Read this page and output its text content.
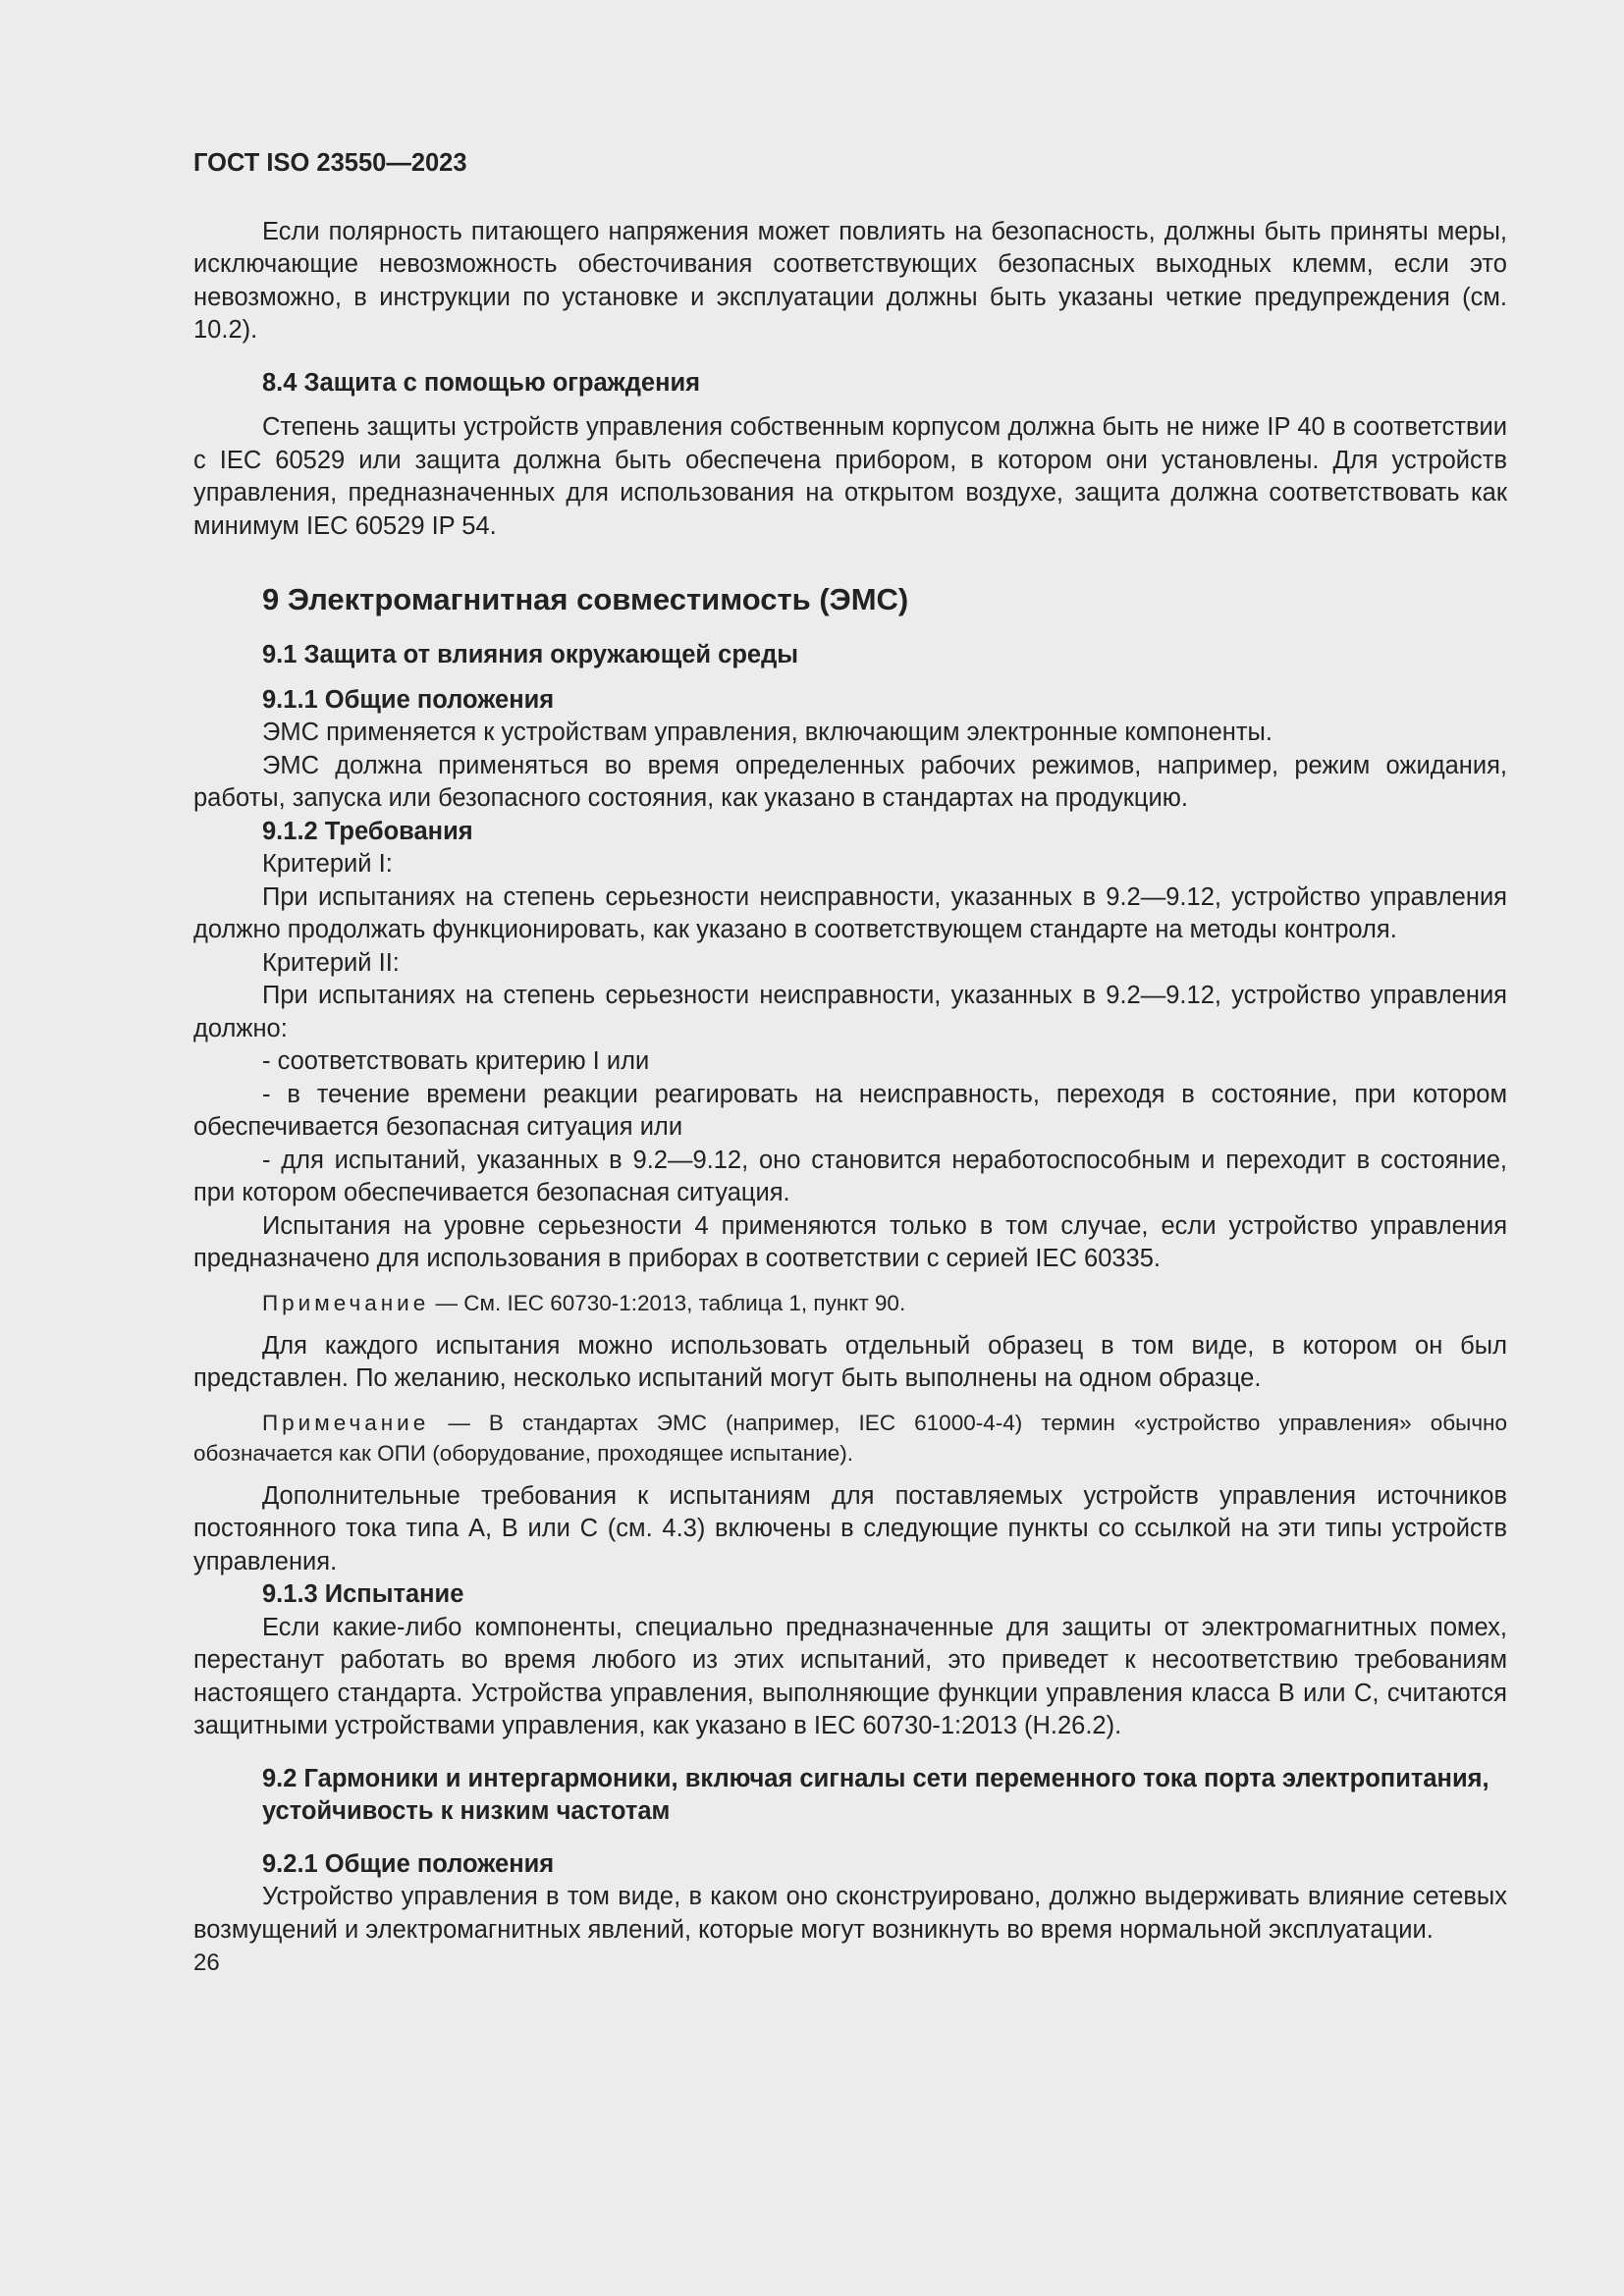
ГОСТ ISO 23550—2023

Если полярность питающего напряжения может повлиять на безопасность, должны быть приняты меры, исключающие невозможность обесточивания соответствующих безопасных выходных клемм, если это невозможно, в инструкции по установке и эксплуатации должны быть указаны четкие предупреждения (см. 10.2).

8.4 Защита с помощью ограждения

Степень защиты устройств управления собственным корпусом должна быть не ниже IP 40 в соответствии с IEC 60529 или защита должна быть обеспечена прибором, в котором они установлены. Для устройств управления, предназначенных для использования на открытом воздухе, защита должна соответствовать как минимум IEC 60529 IP 54.

9 Электромагнитная совместимость (ЭМС)
9.1 Защита от влияния окружающей среды
9.1.1 Общие положения

ЭМС применяется к устройствам управления, включающим электронные компоненты.

ЭМС должна применяться во время определенных рабочих режимов, например, режим ожидания, работы, запуска или безопасного состояния, как указано в стандартах на продукцию.

9.1.2 Требования

Критерий I:

При испытаниях на степень серьезности неисправности, указанных в 9.2—9.12, устройство управления должно продолжать функционировать, как указано в соответствующем стандарте на методы контроля.

Критерий II:

При испытаниях на степень серьезности неисправности, указанных в 9.2—9.12, устройство управления должно:

- соответствовать критерию I или

- в течение времени реакции реагировать на неисправность, переходя в состояние, при котором обеспечивается безопасная ситуация или

- для испытаний, указанных в 9.2—9.12, оно становится неработоспособным и переходит в состояние, при котором обеспечивается безопасная ситуация.

Испытания на уровне серьезности 4 применяются только в том случае, если устройство управления предназначено для использования в приборах в соответствии с серией IEC 60335.

Примечание — См. IEC 60730-1:2013, таблица 1, пункт 90.

Для каждого испытания можно использовать отдельный образец в том виде, в котором он был представлен. По желанию, несколько испытаний могут быть выполнены на одном образце.

Примечание — В стандартах ЭМС (например, IEC 61000-4-4) термин «устройство управления» обычно обозначается как ОПИ (оборудование, проходящее испытание).

Дополнительные требования к испытаниям для поставляемых устройств управления источников постоянного тока типа A, B или C (см. 4.3) включены в следующие пункты со ссылкой на эти типы устройств управления.

9.1.3 Испытание

Если какие-либо компоненты, специально предназначенные для защиты от электромагнитных помех, перестанут работать во время любого из этих испытаний, это приведет к несоответствию требованиям настоящего стандарта. Устройства управления, выполняющие функции управления класса B или C, считаются защитными устройствами управления, как указано в IEC 60730-1:2013 (H.26.2).

9.2 Гармоники и интергармоники, включая сигналы сети переменного тока порта электропитания, устойчивость к низким частотам
9.2.1 Общие положения

Устройство управления в том виде, в каком оно сконструировано, должно выдерживать влияние сетевых возмущений и электромагнитных явлений, которые могут возникнуть во время нормальной эксплуатации.

26
